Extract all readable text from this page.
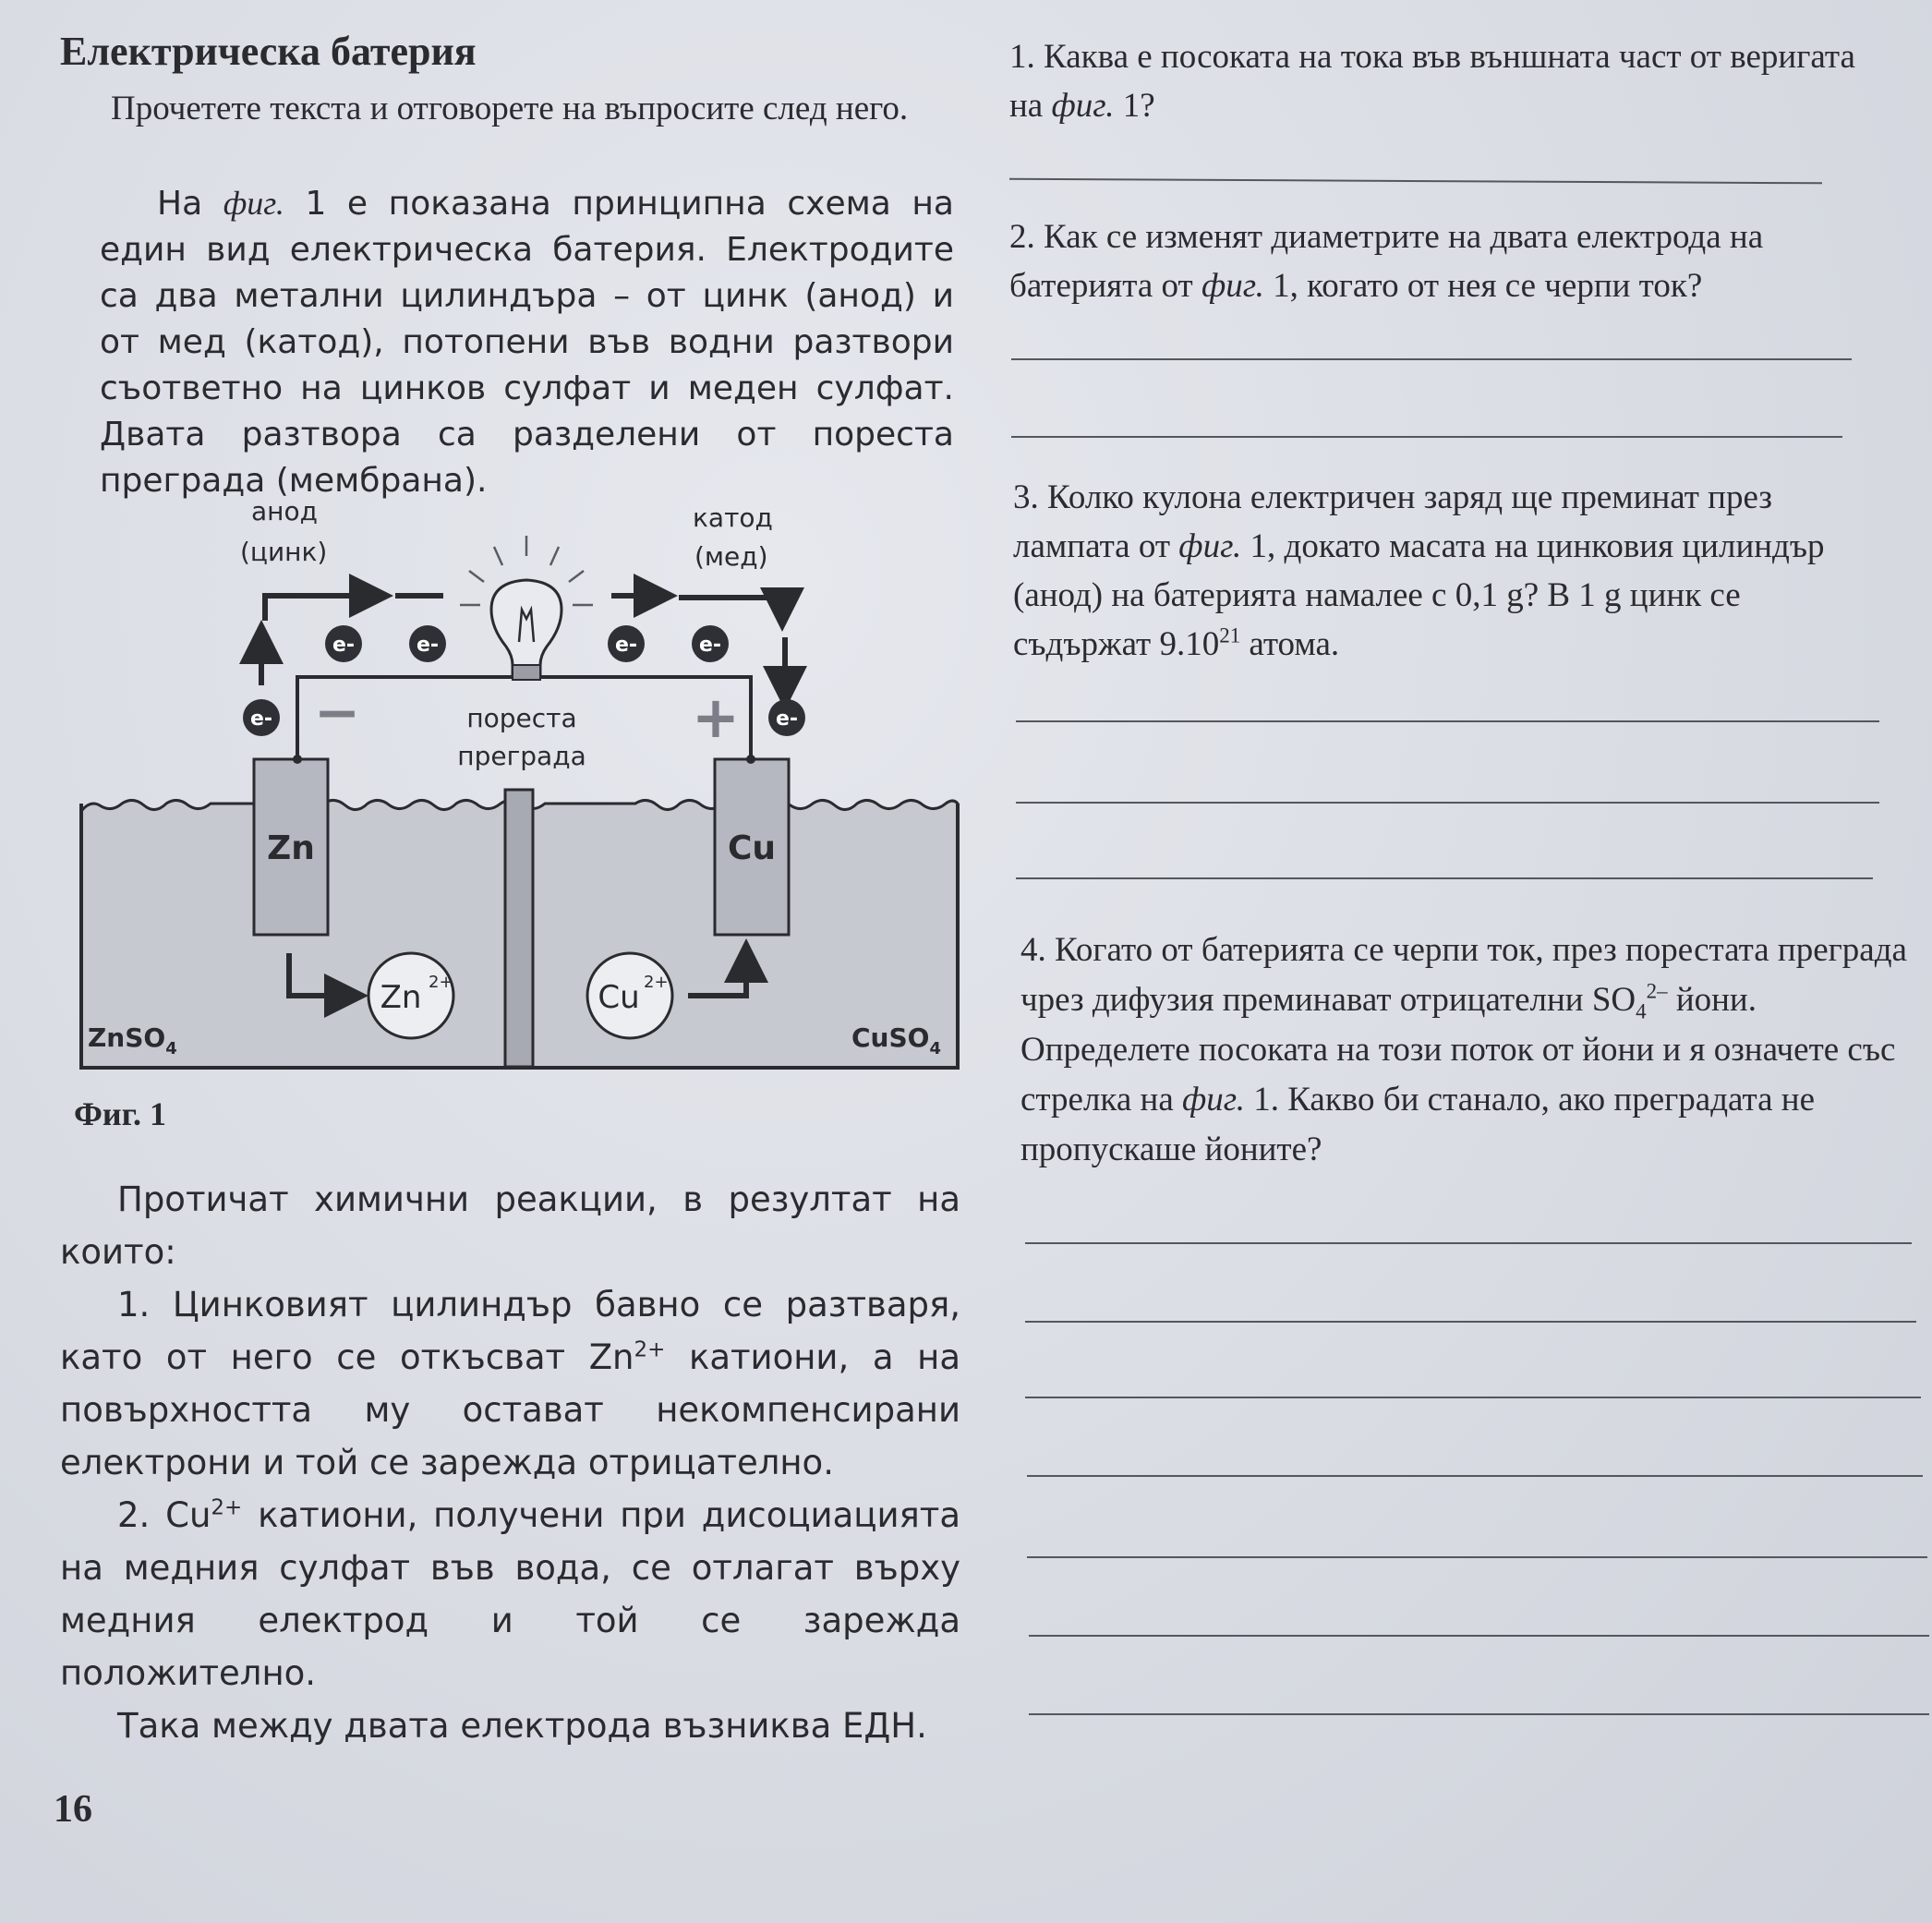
Електрическа батерия
Прочетете текста и отговорете на въпросите след него.

На фиг. 1 е показана принципна схема на един вид електрическа батерия. Електродите са два метални цилиндъра – от цинк (анод) и от мед (катод), потопени във водни разтвори съответно на цинков сулфат и меден сулфат. Двата разтвора са разделени от пореста преграда (мембрана).

Zn	Cu
анод
(цинк)
катод
(мед)
e-	e-	e-	e-
e-	e-
−	+
пореста
преграда
Zn 2+	Cu 2+
ZnSO$_4$	CuSO$_4$
Фиг. 1

Протичат химични реакции, в резултат на които:

1. Цинковият цилиндър бавно се разтваря, като от него се откъсват $Zn^{2+}$ катиони, а на повърхността му остават некомпенсирани електрони и той се зарежда отрицателно.

2. $Cu^{2+}$ катиони, получени при дисоциацията на медния сулфат във вода, се отлагат върху медния електрод и той се зарежда положително.

Така между двата електрода възниква ЕДН.

16
1. Каква е посоката на тока във външната част от веригата на фиг. 1?
2. Как се изменят диаметрите на двата електрода на батерията от фиг. 1, когато от нея се черпи ток?
3. Колко кулона електричен заряд ще преминат през лампата от фиг. 1, докато масата на цинковия цилиндър (анод) на батерията намалее с 0,1 g? В 1 g цинк се съдържат 9.10$^{21}$ атома.
4. Когато от батерията се черпи ток, през порестата преграда чрез дифузия преминават отрицателни $SO_4^{2-}$ йони. Определете посоката на този поток от йони и я означете със стрелка на фиг. 1. Какво би станало, ако преградата не пропускаше йоните?
